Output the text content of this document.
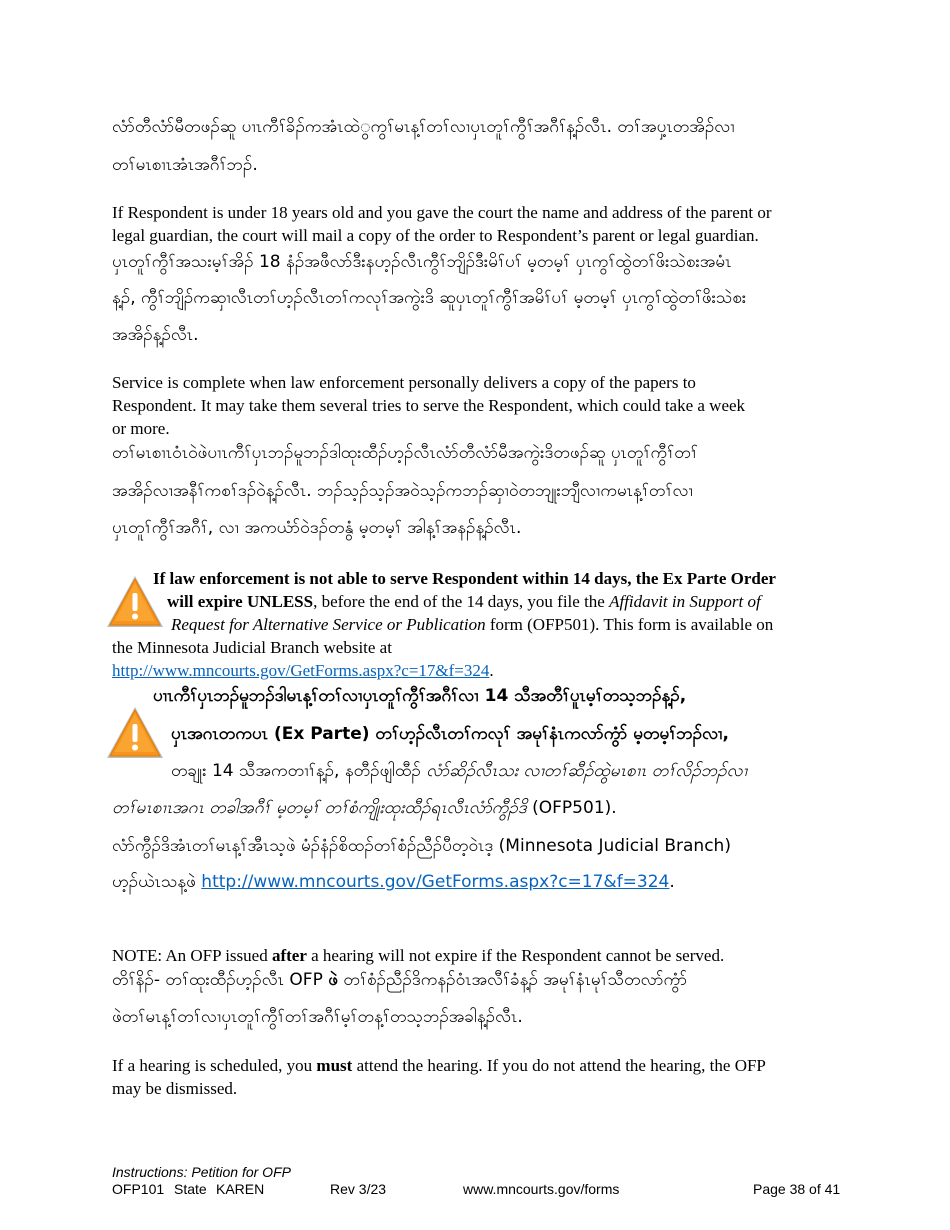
လံာ်တီလံာ်မီတဖၣ်ဆူ ပၢၤကီၢ်ခိၣ်ကအံၤထဲွကွၢ်မၤန့ၢ်တၢ်လၢပှၤတူၢ်ကွီၢ်အဂီၢ်န့ၣ်လီၤ. တၢ်အပှ့ၤတအိၣ်လၢ
တၢ်မၤစၢၤအံၤအဂီၢ်ဘၣ်.
If Respondent is under 18 years old and you gave the court the name and address of the parent or
legal guardian, the court will mail a copy of the order to Respondent’s parent or legal guardian.
ပှၤတူၢ်ကွီၢ်အသးမ့ၢ်အိၣ် 18 နံၣ်အဖီလာ်ဒီးနဟ့ၣ်လီၤကွီၢ်ဘျိၣ်ဒီးမိၢ်ပၢ် မ့တမ့ၢ် ပှၤကွၢ်ထွဲတၢ်ဖိးသဲစးအမံၤ
န့ၣ်, ကွီၢ်ဘျိၣ်ကဆှၢလီၤတၢ်ဟ့ၣ်လီၤတၢ်ကလုၢ်အကွဲးဒိ ဆူပှၤတူၢ်ကွီၢ်အမိၢ်ပၢ် မ့တမ့ၢ် ပှၤကွၢ်ထွဲတၢ်ဖိးသဲစး
အအိၣ်န့ၣ်လီၤ.
Service is complete when law enforcement personally delivers a copy of the papers to
Respondent. It may take them several tries to serve the Respondent, which could take a week
or more.
တၢ်မၤစၢၤဝံၤဝဲဖဲပၢၤကီၢ်ပှၤဘၣ်မူဘၣ်ဒါထုးထီၣ်ဟ့ၣ်လီၤလံာ်တီလံာ်မီအကွဲးဒိတဖၣ်ဆူ ပှၤတူၢ်ကွီၢ်တၢ်
အအိၣ်လၢအနီၢ်ကစၢ်ဒၣ်ဝဲန့ၣ်လီၤ. ဘၣ်သ့ၣ်သ့ၣ်အဝဲသ့ၣ်ကဘၣ်ဆှၢဝဲတဘျုးဘျီလၢကမၤန့ၢ်တၢ်လၢ
ပှၤတူၢ်ကွီၢ်အဂီၢ်, လၢ အကယံာ်ဝဲဒၣ်တနွံ မ့တမ့ၢ် အါန့ၢ်အနၣ်န့ၣ်လီၤ.
If law enforcement is not able to serve Respondent within 14 days, the Ex Parte Order
will expire UNLESS, before the end of the 14 days, you file the Affidavit in Support of
Request for Alternative Service or Publication form (OFP501). This form is available on
the Minnesota Judicial Branch website at
http://www.mncourts.gov/GetForms.aspx?c=17&f=324.
ပၢၤကီၢ်ပှၤဘၣ်မူဘၣ်ဒါမၤန့ၢ်တၢ်လၢပှၤတူၢ်ကွီၢ်အဂီၢ်လၢ 14 သီအတီၢ်ပူၤမ့ၢ်တသ့ဘၣ်န့ၣ်,
ပှၤအဂၤတကပၤ (Ex Parte) တၢ်ဟ့ၣ်လီၤတၢ်ကလုၢ် အမုၢ်နံၤကလာ်ကွံာ် မ့တမ့ၢ်ဘၣ်လၢ,
တချုး 14 သီအကတၢၢ်န့ၣ်, နတီၣ်ဖျါထီၣ် လံာ်ဆိၣ်လီၤသး လၢတၢ်ဆီၣ်ထွဲမၤစၢၤ တၢ်လိၣ်ဘၣ်လၢ
တၢ်မၤစၢၤအဂၤ တခါအဂီၢ် မ့တမ့ၢ် တၢ်စံကျိုးထုးထီၣ်ရၤလီၤလံာ်ကွီၣ်ဒိ (OFP501).
လံာ်ကွီၣ်ဒိအံၤတၢ်မၤန့ၢ်အီၤသ့ဖဲ မံၣ်နံၣ်စိထၣ်တၢ်စံၣ်ညီၣ်ပီတ့ဝဲၤဒ့ (Minnesota Judicial Branch)
ဟ့ၣ်ယဲၤသန့ဖဲ http://www.mncourts.gov/GetForms.aspx?c=17&f=324.
NOTE: An OFP issued after a hearing will not expire if the Respondent cannot be served.
တိၢ်နိၣ်- တၢ်ထုးထီၣ်ဟ့ၣ်လီၤ OFP ဖဲ တၢ်စံၣ်ညီၣ်ဒိကနၣ်ဝံၤအလီၢ်ခံန့ၣ် အမုၢ်နံၤမုၢ်သီတလာ်ကွံာ်
ဖဲတၢ်မၤန့ၢ်တၢ်လၢပှၤတူၢ်ကွီၢ်တၢ်အဂီၢ်မ့ၢ်တန့ၢ်တသ့ဘၣ်အခါန့ၣ်လီၤ.
If a hearing is scheduled, you must attend the hearing. If you do not attend the hearing, the OFP
may be dismissed.
Instructions: Petition for OFP
OFP101 State KAREN	Rev 3/23	www.mncourts.gov/forms	Page 38 of 41
